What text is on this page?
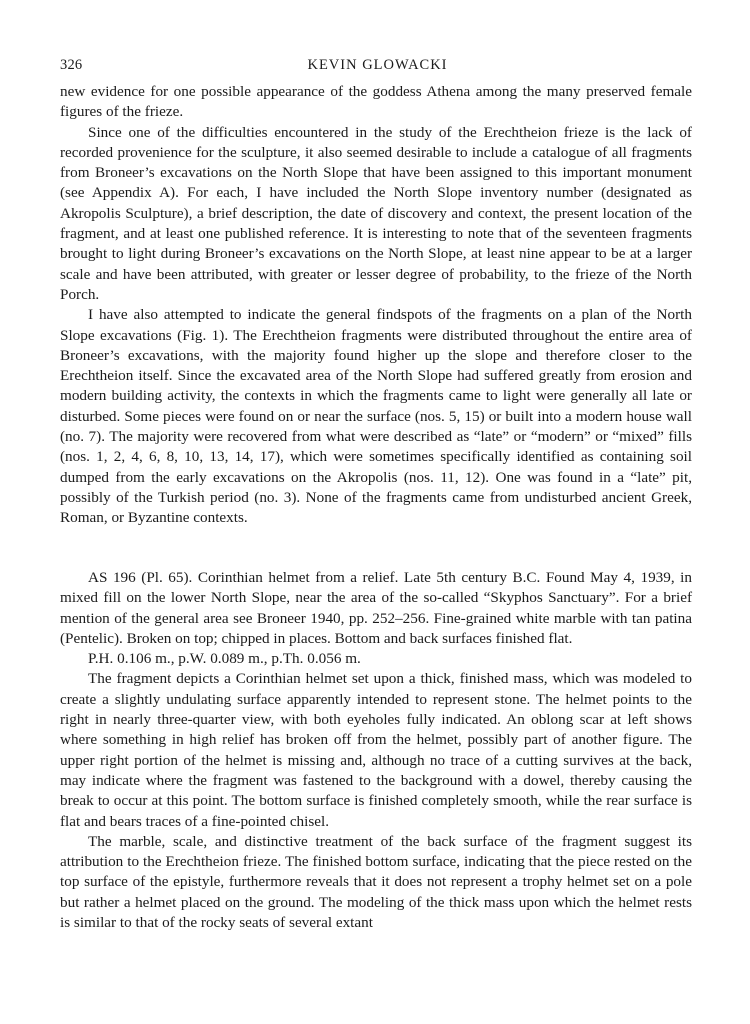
326	KEVIN GLOWACKI

new evidence for one possible appearance of the goddess Athena among the many preserved female figures of the frieze.

Since one of the difficulties encountered in the study of the Erechtheion frieze is the lack of recorded provenience for the sculpture, it also seemed desirable to include a catalogue of all fragments from Broneer’s excavations on the North Slope that have been assigned to this important monument (see Appendix A). For each, I have included the North Slope inventory number (designated as Akropolis Sculpture), a brief description, the date of discovery and context, the present location of the fragment, and at least one published reference. It is interesting to note that of the seventeen fragments brought to light during Broneer’s excavations on the North Slope, at least nine appear to be at a larger scale and have been attributed, with greater or lesser degree of probability, to the frieze of the North Porch.

I have also attempted to indicate the general findspots of the fragments on a plan of the North Slope excavations (Fig. 1). The Erechtheion fragments were distributed throughout the entire area of Broneer’s excavations, with the majority found higher up the slope and therefore closer to the Erechtheion itself. Since the excavated area of the North Slope had suffered greatly from erosion and modern building activity, the contexts in which the fragments came to light were generally all late or disturbed. Some pieces were found on or near the surface (nos. 5, 15) or built into a modern house wall (no. 7). The majority were recovered from what were described as “late” or “modern” or “mixed” fills (nos. 1, 2, 4, 6, 8, 10, 13, 14, 17), which were sometimes specifically identified as containing soil dumped from the early excavations on the Akropolis (nos. 11, 12). One was found in a “late” pit, possibly of the Turkish period (no. 3). None of the fragments came from undisturbed ancient Greek, Roman, or Byzantine contexts.

AS 196 (Pl. 65). Corinthian helmet from a relief. Late 5th century B.C. Found May 4, 1939, in mixed fill on the lower North Slope, near the area of the so-called “Skyphos Sanctuary”. For a brief mention of the general area see Broneer 1940, pp. 252–256. Fine-grained white marble with tan patina (Pentelic). Broken on top; chipped in places. Bottom and back surfaces finished flat.

P.H. 0.106 m., p.W. 0.089 m., p.Th. 0.056 m.

The fragment depicts a Corinthian helmet set upon a thick, finished mass, which was modeled to create a slightly undulating surface apparently intended to represent stone. The helmet points to the right in nearly three-quarter view, with both eyeholes fully indicated. An oblong scar at left shows where something in high relief has broken off from the helmet, possibly part of another figure. The upper right portion of the helmet is missing and, although no trace of a cutting survives at the back, may indicate where the fragment was fastened to the background with a dowel, thereby causing the break to occur at this point. The bottom surface is finished completely smooth, while the rear surface is flat and bears traces of a fine-pointed chisel.

The marble, scale, and distinctive treatment of the back surface of the fragment suggest its attribution to the Erechtheion frieze. The finished bottom surface, indicating that the piece rested on the top surface of the epistyle, furthermore reveals that it does not represent a trophy helmet set on a pole but rather a helmet placed on the ground. The modeling of the thick mass upon which the helmet rests is similar to that of the rocky seats of several extant
